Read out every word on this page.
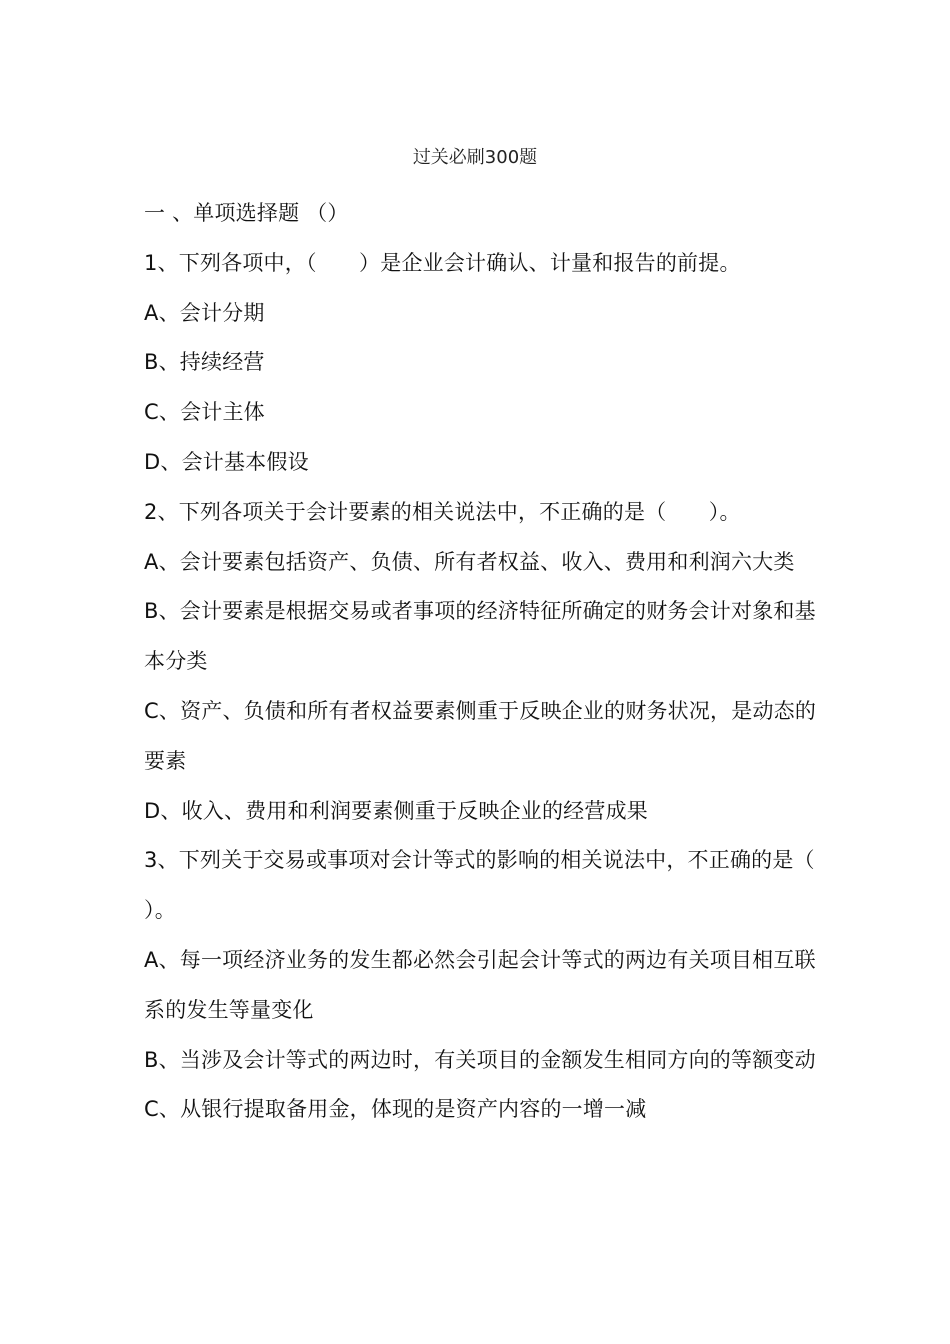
过关必刷300题
一 、单项选择题 （）
1、下列各项中，（　　）是企业会计确认、计量和报告的前提。
A、会计分期
B、持续经营
C、会计主体
D、会计基本假设
2、下列各项关于会计要素的相关说法中，不正确的是（　　）。
A、会计要素包括资产、负债、所有者权益、收入、费用和利润六大类
B、会计要素是根据交易或者事项的经济特征所确定的财务会计对象和基本分类
C、资产、负债和所有者权益要素侧重于反映企业的财务状况，是动态的要素
D、收入、费用和利润要素侧重于反映企业的经营成果
3、下列关于交易或事项对会计等式的影响的相关说法中，不正确的是（　　）。
A、每一项经济业务的发生都必然会引起会计等式的两边有关项目相互联系的发生等量变化
B、当涉及会计等式的两边时，有关项目的金额发生相同方向的等额变动
C、从银行提取备用金，体现的是资产内容的一增一减
